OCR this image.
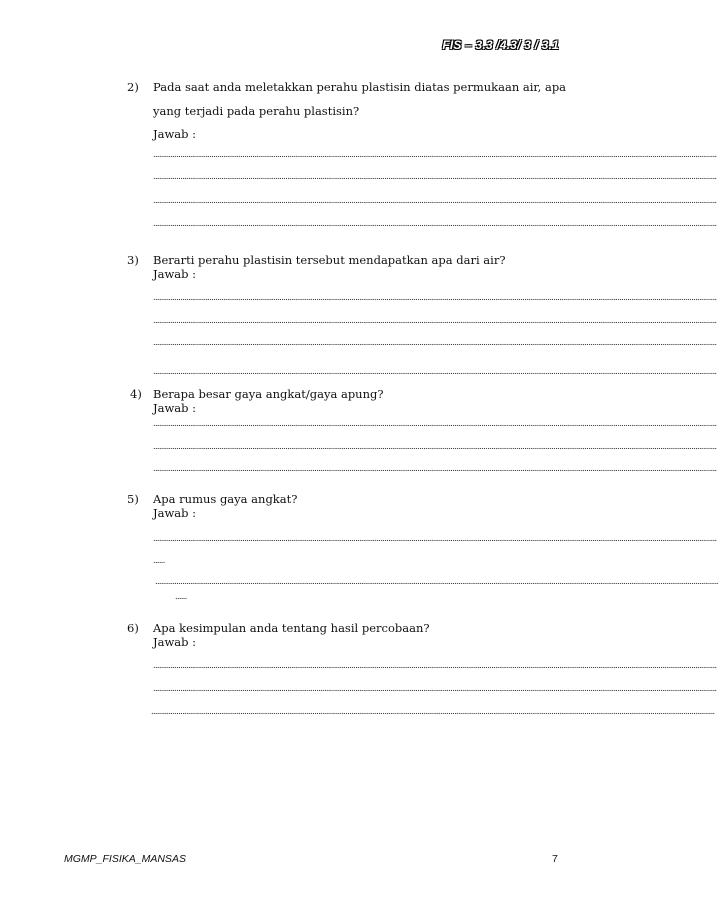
FIS – 3.3 /4.3/ 3 / 3.1
2) Pada saat anda meletakkan perahu plastisin diatas permukaan air, apa
yang terjadi pada perahu plastisin?
Jawab :
..................................................................................................................................................................................................................................................................................................
..................................................................................................................................................................................................................................................................................................
..................................................................................................................................................................................................................................................................................................
..................................................................................................................................................................................................................................................................................................
3) Berarti perahu plastisin tersebut mendapatkan apa dari air?
Jawab :
..................................................................................................................................................................................................................................................................................................
..................................................................................................................................................................................................................................................................................................
..................................................................................................................................................................................................................................................................................................
..................................................................................................................................................................................................................................................................................................
4) Berapa besar gaya angkat/gaya apung?
Jawab :
..................................................................................................................................................................................................................................................................................................
..................................................................................................................................................................................................................................................................................................
..................................................................................................................................................................................................................................................................................................
5) Apa rumus gaya angkat?
Jawab :
..................................................................................................................................................................................................................................................................................................
......
..................................................................................................................................................................................................................................................................................................
......
6) Apa kesimpulan anda tentang hasil percobaan?
Jawab :
..................................................................................................................................................................................................................................................................................................
..................................................................................................................................................................................................................................................................................................
..................................................................................................................................................................................................................................................................................................
MGMP_FISIKA_MANSAS	7
